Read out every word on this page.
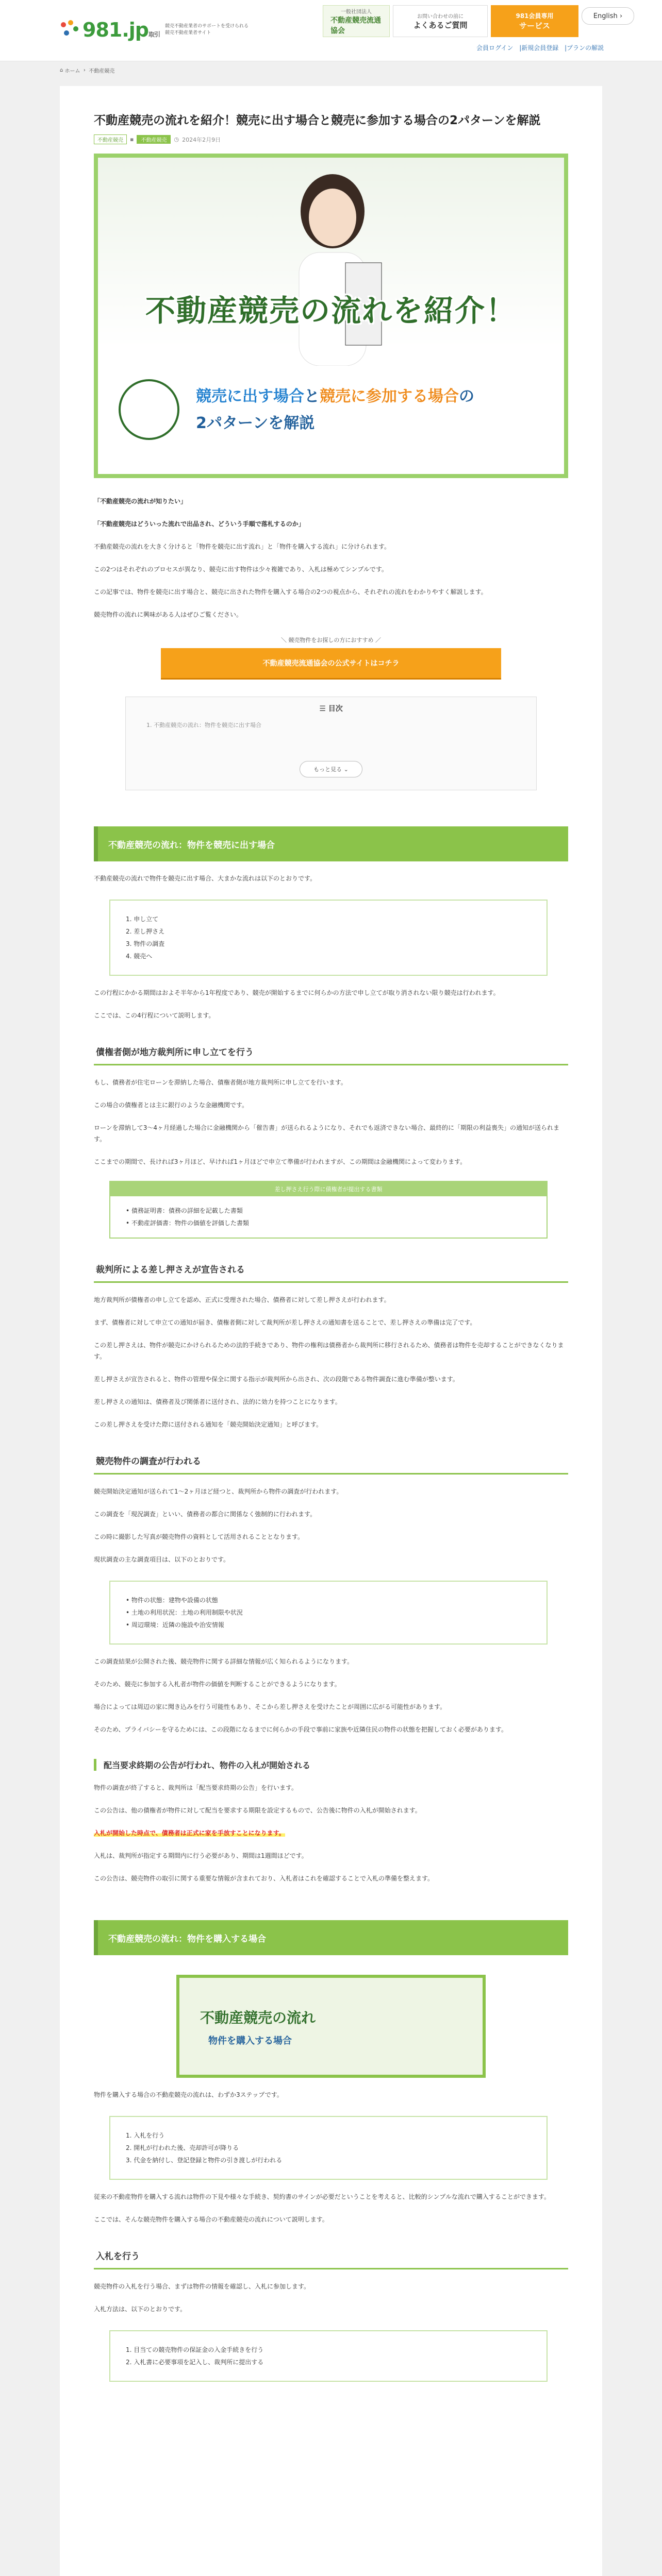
981.jp取引
競売不動産業者のサポートを受けられる
競売不動産業者サイト
一般社団法人
不動産競売流通協会
お問い合わせの前に
よくあるご質問
981会員専用
サービス
English
›
会員ログイン |新規会員登録 |プランの解説
⌂
ホーム › 不動産競売
不動産競売の流れを紹介！競売に出す場合と競売に参加する場合の2パターンを解説
不動産競売	▪	不動産競売	◷ 2024年2月9日
不動産競売の流れを紹介！
競売に出す場合と競売に参加する場合の
2パターンを解説

「不動産競売の流れが知りたい」

「不動産競売はどういった流れで出品され、どういう手順で落札するのか」

不動産競売の流れを大きく分けると「物件を競売に出す流れ」と「物件を購入する流れ」に分けられます。

この2つはそれぞれのプロセスが異なり、競売に出す物件は少々複雑であり、入札は極めてシンプルです。

この記事では、物件を競売に出す場合と、競売に出された物件を購入する場合の2つの視点から、それぞれの流れをわかりやすく解説します。

競売物件の流れに興味がある人はぜひご覧ください。

＼ 競売物件をお探しの方におすすめ ／
不動産競売流通協会の公式サイトはコチラ
☰ 目次
1. 不動産競売の流れ：物件を競売に出す場合
もっと見る
⌄
不動産競売の流れ：物件を競売に出す場合

不動産競売の流れで物件を競売に出す場合、大まかな流れは以下のとおりです。

1. 申し立て
2. 差し押さえ
3. 物件の調査
4. 競売へ

この行程にかかる期間はおよそ半年から1年程度であり、競売が開始するまでに何らかの方法で申し立てが取り消されない限り競売は行われます。

ここでは、この4行程について説明します。

債権者側が地方裁判所に申し立てを行う

もし、債務者が住宅ローンを滞納した場合、債権者側が地方裁判所に申し立てを行います。

この場合の債権者とは主に銀行のような金融機関です。

ローンを滞納して3〜4ヶ月経過した場合に金融機関から「催告書」が送られるようになり、それでも返済できない場合、最終的に「期限の利益喪失」の通知が送られます。

ここまでの期間で、長ければ3ヶ月ほど、早ければ1ヶ月ほどで申立て準備が行われますが、この期間は金融機関によって変わります。

差し押さえ行う際に債権者が提出する書類
• 債務証明書：債務の詳細を記載した書類
• 不動産評価書：物件の価値を評価した書類
裁判所による差し押さえが宣告される

地方裁判所が債権者の申し立てを認め、正式に受理された場合、債務者に対して差し押さえが行われます。

まず、債権者に対して申立ての通知が届き、債権者側に対して裁判所が差し押さえの通知書を送ることで、差し押さえの準備は完了です。

この差し押さえは、物件が競売にかけられるための法的手続きであり、物件の権利は債務者から裁判所に移行されるため、債務者は物件を売却することができなくなります。

差し押さえが宣告されると、物件の管理や保全に関する指示が裁判所から出され、次の段階である物件調査に進む準備が整います。

差し押さえの通知は、債務者及び関係者に送付され、法的に効力を持つことになります。

この差し押さえを受けた際に送付される通知を「競売開始決定通知」と呼びます。

競売物件の調査が行われる

競売開始決定通知が送られて1〜2ヶ月ほど経つと、裁判所から物件の調査が行われます。

この調査を「現況調査」といい、債務者の都合に関係なく強制的に行われます。

この時に撮影した写真が競売物件の資料として活用されることとなります。

現状調査の主な調査項目は、以下のとおりです。

• 物件の状態：建物や設備の状態
• 土地の利用状況：土地の利用制限や状況
• 周辺環境：近隣の施設や治安情報

この調査結果が公開された後、競売物件に関する詳細な情報が広く知られるようになります。

そのため、競売に参加する入札者が物件の価値を判断することができるようになります。

場合によっては周辺の家に聞き込みを行う可能性もあり、そこから差し押さえを受けたことが周囲に広がる可能性があります。

そのため、プライバシーを守るためには、この段階になるまでに何らかの手段で事前に家族や近隣住民の物件の状態を把握しておく必要があります。

配当要求終期の公告が行われ、物件の入札が開始される

物件の調査が終了すると、裁判所は「配当要求終期の公告」を行います。

この公告は、他の債権者が物件に対して配当を要求する期限を設定するもので、公告後に物件の入札が開始されます。

入札が開始した時点で、債務者は正式に家を手放すことになります。

入札は、裁判所が指定する期間内に行う必要があり、期間は1週間ほどです。

この公告は、競売物件の取引に関する重要な情報が含まれており、入札者はこれを確認することで入札の準備を整えます。

不動産競売の流れ：物件を購入する場合
不動産競売の流れ
物件を購入する場合

物件を購入する場合の不動産競売の流れは、わずか3ステップです。

1. 入札を行う
2. 開札が行われた後、売却許可が降りる
3. 代金を納付し、登記登録と物件の引き渡しが行われる

従来の不動産物件を購入する流れは物件の下見や様々な手続き、契約書のサインが必要だということを考えると、比較的シンプルな流れで購入することができます。

ここでは、そんな競売物件を購入する場合の不動産競売の流れについて説明します。

入札を行う

競売物件の入札を行う場合、まずは物件の情報を確認し、入札に参加します。

入札方法は、以下のとおりです。

1. 目当ての競売物件の保証金の入金手続きを行う
2. 入札書に必要事項を記入し、裁判所に提出する
